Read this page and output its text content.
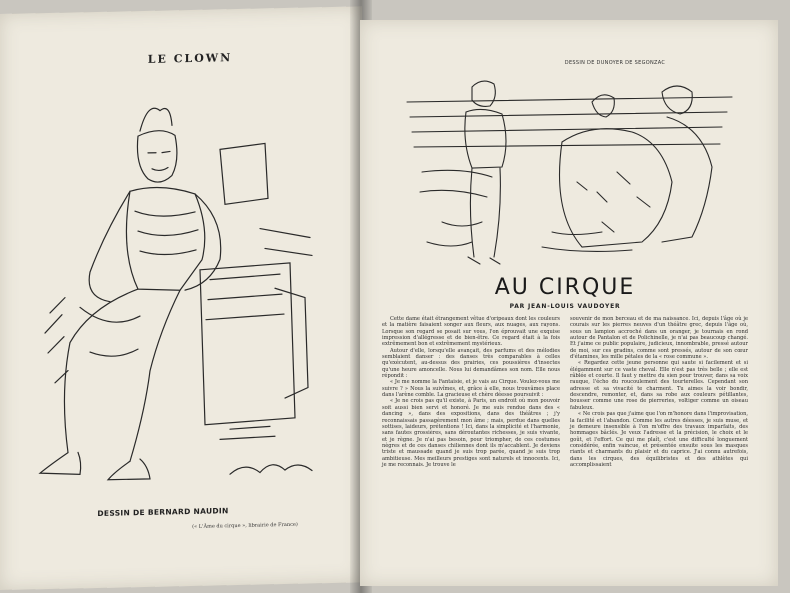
LE CLOWN
DESSIN DE BERNARD NAUDIN
(« L'Âme du cirque », librairie de France)
DESSIN DE DUNOYER DE SEGONZAC
AU CIRQUE
PAR JEAN-LOUIS VAUDOYER

Cette dame était étrangement vêtue d'oripeaux dont les couleurs et la matière faisaient songer aux fleurs, aux nuages, aux rayons. Lorsque son regard se posait sur vous, l'on éprouvait une exquise impression d'allégresse et de bien-être. Ce regard était à la fois extrêmement bon et extrêmement mystérieux.

Autour d'elle, lorsqu'elle avançait, des parfums et des mélodies semblaient danser : des danses très comparables à celles qu'exécutent, au-dessus des prairies, ces poussières d'insectes qu'une heure amoncelle. Nous lui demandâmes son nom. Elle nous répondit :

« Je me nomme la Fantaisie, et je vais au Cirque. Voulez-vous me suivre ? » Nous la suivîmes, et, grâce à elle, nous trouvâmes place dans l'arène comble. La gracieuse et chère déesse poursuivit :

« Je ne crois pas qu'il existe, à Paris, un endroit où mon pouvoir soit aussi bien servi et honoré. Je me suis rendue dans des « dancing », dans des expositions, dans des théâtres ; j'y reconnaissais passagèrement mon âme ; mais, perdue dans quelles sottises, laideurs, prétentions ! Ici, dans la simplicité et l'harmonie, sans fautes grossières, sans déroutantes richesses, je suis vivante, et je règne. Je n'ai pas besoin, pour triompher, de ces costumes nègres et de ces danses chiliennes dont ils m'accablent. Je deviens triste et maussade quand je suis trop parée, quand je suis trop ambitieuse. Mes meilleurs prestiges sont naturels et innocents. Ici, je me reconnais. Je trouve le

souvenir de mon berceau et de ma naissance. Ici, depuis l'âge où je courais sur les pierres neuves d'un théâtre grec, depuis l'âge où, sous un lampion accroché dans un oranger, je tournais en rond autour de Pantalon et de Polichinelle, je n'ai pas beaucoup changé. Et j'aime ce public populaire, judicieux, innombrable, pressé autour de moi, sur ces gradins, comme sont pressés, autour de son cœur d'étamines, les mille pétales de la « rose commune ».

« Regardez cette jeune personne qui saute si facilement et si élégamment sur ce vaste cheval. Elle n'est pas très belle ; elle est râblée et courte. Il faut y mettre du sien pour trouver, dans sa voix rauque, l'écho du roucoulement des tourterelles. Cependant son adresse et sa vivacité te charment. Tu aimes la voir bondir, descendre, remonter, et, dans sa robe aux couleurs pétillantes, bousser comme une rose de pierreries, voltiger comme un oiseau fabuleux.

« Ne crois pas que j'aime que l'on m'honore dans l'improvisation, la facilité et l'abandon. Comme les autres déesses, je suis muse, et je demeure insensible à l'on m'offre des travaux imparfaits, des hommages bâclés. Je veux l'adresse et la précision, le choix et le goût, et l'effort. Ce qui me plaît, c'est une difficulté longuement considérée, enfin vaincue, et présentée ensuite sous les masques riants et charmants du plaisir et du caprice. J'ai connu autrefois, dans les cirques, des équilibristes et des athlètes qui accomplissaient
